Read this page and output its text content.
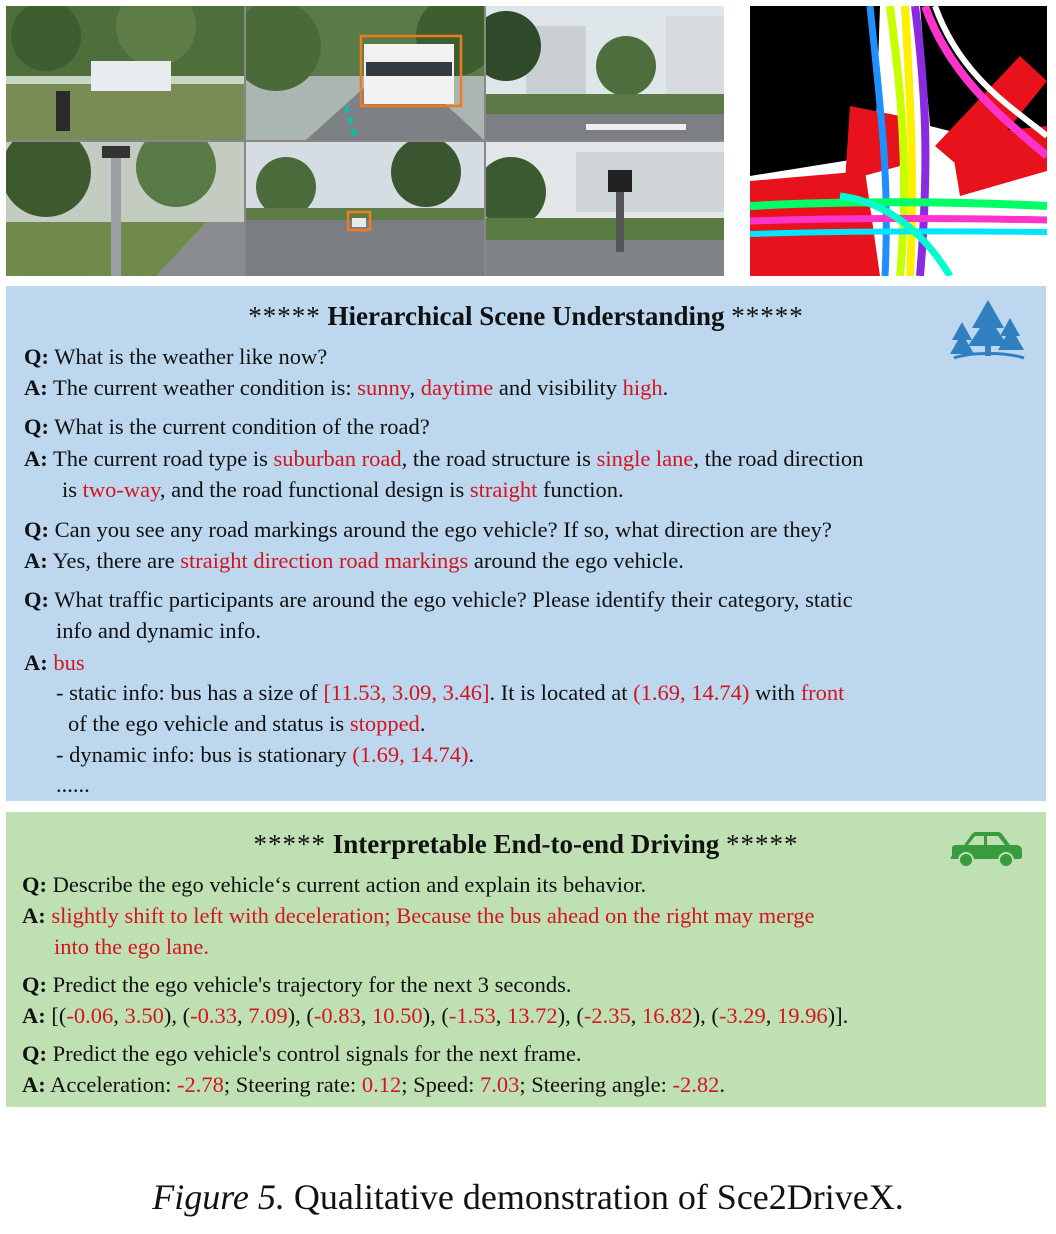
***** Hierarchical Scene Understanding *****
Q: What is the weather like now?
A: The current weather condition is: sunny, daytime and visibility high.
Q: What is the current condition of the road?
A: The current road type is suburban road, the road structure is single lane, the road direction
is two-way, and the road functional design is straight function.
Q: Can you see any road markings around the ego vehicle? If so, what direction are they?
A: Yes, there are straight direction road markings around the ego vehicle.
Q: What traffic participants are around the ego vehicle? Please identify their category, static
info and dynamic info.
A: bus
- static info: bus has a size of [11.53, 3.09, 3.46]. It is located at (1.69, 14.74) with front
of the ego vehicle and status is stopped.
- dynamic info: bus is stationary (1.69, 14.74).
......
***** Interpretable End-to-end Driving *****
Q: Describe the ego vehicle‘s current action and explain its behavior.
A: slightly shift to left with deceleration; Because the bus ahead on the right may merge
into the ego lane.
Q: Predict the ego vehicle's trajectory for the next 3 seconds.
A: [(-0.06, 3.50), (-0.33, 7.09), (-0.83, 10.50), (-1.53, 13.72), (-2.35, 16.82), (-3.29, 19.96)].
Q: Predict the ego vehicle's control signals for the next frame.
A: Acceleration: -2.78; Steering rate: 0.12; Speed: 7.03; Steering angle: -2.82.
Figure 5. Qualitative demonstration of Sce2DriveX.
